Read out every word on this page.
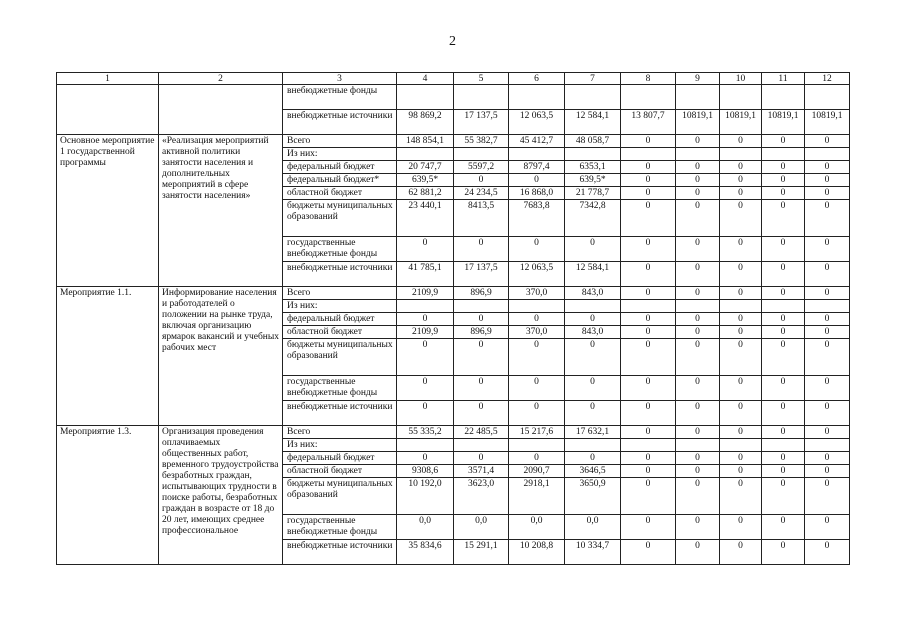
2
1	2	3	4	5	6	7	8	9	10	11	12
		внебюджетные фонды									
		внебюджетные источники	98 869,2	17 137,5	12 063,5	12 584,1	13 807,7	10819,1	10819,1	10819,1	10819,1
Основное мероприятие 1 государственной программы	«Реализация мероприятий активной политики занятости населения и дополнительных мероприятий в сфере занятости населения»	Всего	148 854,1	55 382,7	45 412,7	48 058,7	0	0	0	0	0
		Из них:									
		федеральный бюджет	20 747,7	5597,2	8797,4	6353,1	0	0	0	0	0
		федеральный бюджет*	639,5*	0	0	639,5*	0	0	0	0	0
		областной бюджет	62 881,2	24 234,5	16 868,0	21 778,7	0	0	0	0	0
		бюджеты муниципальных образований	23 440,1	8413,5	7683,8	7342,8	0	0	0	0	0
		государственные внебюджетные фонды	0	0	0	0	0	0	0	0	0
		внебюджетные источники	41 785,1	17 137,5	12 063,5	12 584,1	0	0	0	0	0
Мероприятие 1.1.	Информирование населения и работодателей о положении на рынке труда, включая организацию ярмарок вакансий и учебных рабочих мест	Всего	2109,9	896,9	370,0	843,0	0	0	0	0	0
		Из них:									
		федеральный бюджет	0	0	0	0	0	0	0	0	0
		областной бюджет	2109,9	896,9	370,0	843,0	0	0	0	0	0
		бюджеты муниципальных образований	0	0	0	0	0	0	0	0	0
		государственные внебюджетные фонды	0	0	0	0	0	0	0	0	0
		внебюджетные источники	0	0	0	0	0	0	0	0	0
Мероприятие 1.3.	Организация проведения оплачиваемых общественных работ, временного трудоустройства безработных граждан, испытывающих трудности в поиске работы, безработных граждан в возрасте от 18 до 20 лет, имеющих среднее профессиональное	Всего	55 335,2	22 485,5	15 217,6	17 632,1	0	0	0	0	0
		Из них:									
		федеральный бюджет	0	0	0	0	0	0	0	0	0
		областной бюджет	9308,6	3571,4	2090,7	3646,5	0	0	0	0	0
		бюджеты муниципальных образований	10 192,0	3623,0	2918,1	3650,9	0	0	0	0	0
		государственные внебюджетные фонды	0,0	0,0	0,0	0,0	0	0	0	0	0
		внебюджетные источники	35 834,6	15 291,1	10 208,8	10 334,7	0	0	0	0	0
